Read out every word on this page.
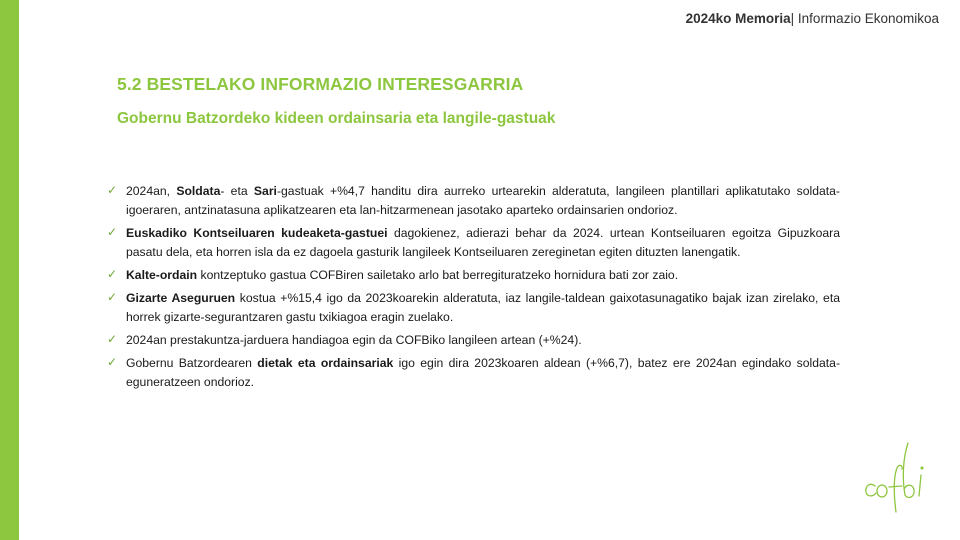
2024ko Memoria| Informazio Ekonomikoa
5.2 BESTELAKO INFORMAZIO INTERESGARRIA
Gobernu Batzordeko kideen ordainsaria eta langile-gastuak
✓ 2024an, Soldata- eta Sari-gastuak +%4,7 handitu dira aurreko urtearekin alderatuta, langileen plantillari aplikatutako soldata-igoeraren, antzinatasuna aplikatzearen eta lan-hitzarmenean jasotako aparteko ordainsarien ondorioz.
✓ Euskadiko Kontseiluaren kudeaketa-gastuei dagokienez, adierazi behar da 2024. urtean Kontseiluaren egoitza Gipuzkoara pasatu dela, eta horren isla da ez dagoela gasturik langileek Kontseiluaren zereginetan egiten dituzten lanengatik.
✓ Kalte-ordain kontzeptuko gastua COFBiren sailetako arlo bat berregituratzeko hornidura bati zor zaio.
✓ Gizarte Aseguruen kostua +%15,4 igo da 2023koarekin alderatuta, iaz langile-taldean gaixotasunagatiko bajak izan zirelako, eta horrek gizarte-segurantzaren gastu txikiagoa eragin zuelako.
✓ 2024an prestakuntza-jarduera handiagoa egin da COFBiko langileen artean (+%24).
✓ Gobernu Batzordearen dietak eta ordainsariak igo egin dira 2023koaren aldean (+%6,7), batez ere 2024an egindako soldata-eguneratzeen ondorioz.
